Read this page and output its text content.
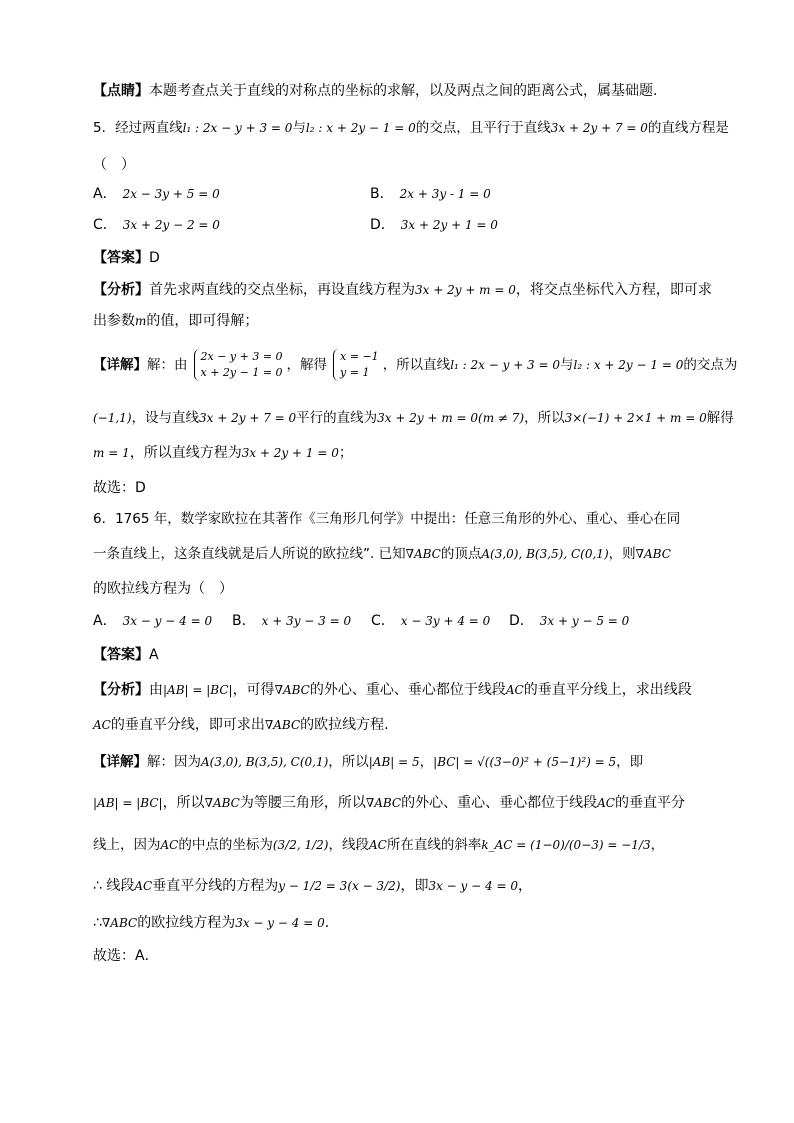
【点睛】本题考查点关于直线的对称点的坐标的求解，以及两点之间的距离公式，属基础题.
5．经过两直线l₁ : 2x − y + 3 = 0与l₂ : x + 2y − 1 = 0的交点，且平行于直线3x + 2y + 7 = 0的直线方程是
（　）
A． 2x − 3y + 5 = 0	B． 2x + 3y - 1 = 0
C． 3x + 2y − 2 = 0	D． 3x + 2y + 1 = 0
【答案】D
【分析】首先求两直线的交点坐标，再设直线方程为3x + 2y + m = 0，将交点坐标代入方程，即可求
出参数m的值，即可得解；
【详解】解：由
2x − y + 3 = 0
x + 2y − 1 = 0 ，解得
x = −1
y = 1 ，所以直线l₁ : 2x − y + 3 = 0与l₂ : x + 2y − 1 = 0的交点为
(−1,1)，设与直线3x + 2y + 7 = 0平行的直线为3x + 2y + m = 0(m ≠ 7)，所以3×(−1) + 2×1 + m = 0解得
m = 1，所以直线方程为3x + 2y + 1 = 0；
故选：D
6．1765 年，数学家欧拉在其著作《三角形几何学》中提出：任意三角形的外心、重心、垂心在同
一条直线上，这条直线就是后人所说的欧拉线”. 已知∇ABC的顶点A(3,0), B(3,5), C(0,1)，则∇ABC
的欧拉线方程为（　）
A． 3x − y − 4 = 0 B． x + 3y − 3 = 0 C． x − 3y + 4 = 0 D． 3x + y − 5 = 0
【答案】A
【分析】由|AB| = |BC|，可得∇ABC的外心、重心、垂心都位于线段AC的垂直平分线上，求出线段
AC的垂直平分线，即可求出∇ABC的欧拉线方程.
【详解】解：因为A(3,0), B(3,5), C(0,1)，所以|AB| = 5，|BC| = √((3−0)² + (5−1)²) = 5，即
|AB| = |BC|，所以∇ABC为等腰三角形，所以∇ABC的外心、重心、垂心都位于线段AC的垂直平分
线上，因为AC的中点的坐标为(3/2, 1/2)，线段AC所在直线的斜率k_AC = (1−0)/(0−3) = −1/3，
∴ 线段AC垂直平分线的方程为y − 1/2 = 3(x − 3/2)，即3x − y − 4 = 0，
∴∇ABC的欧拉线方程为3x − y − 4 = 0.
故选：A．
